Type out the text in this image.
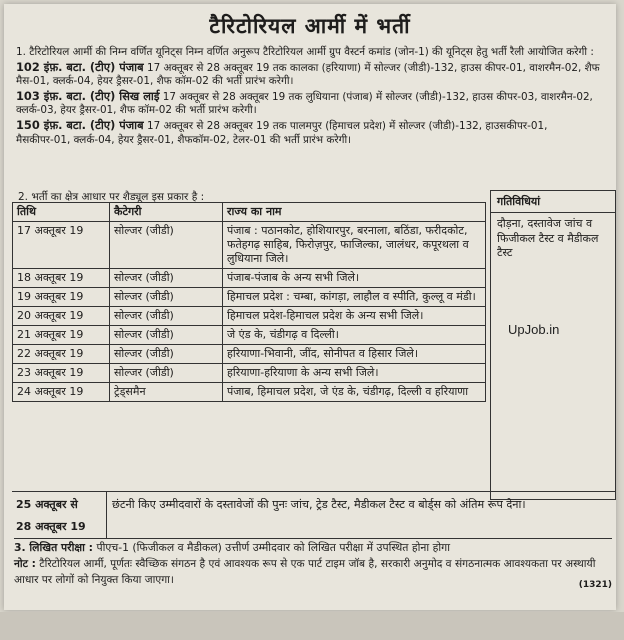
टैरिटोरियल आर्मी में भर्ती
1. टैरिटोरियल आर्मी की निम्न वर्णित यूनिट्स निम्न वर्णित अनुरूप टैरिटोरियल आर्मी ग्रुप वैस्टर्न कमांड (जोन-1) की यूनिट्स हेतु भर्ती रैली आयोजित करेगी :
102 इंफ़. बटा. (टीए) पंजाब 17 अक्तूबर से 28 अक्तूबर 19 तक कालका (हरियाणा) में सोल्जर (जीडी)-132, हाउस कीपर-01, वाशरमैन-02, शैफ मैस-01, क्लर्क-04, हेयर ड्रैसर-01, शैफ कॉम-02 की भर्ती प्रारंभ करेगी।
103 इंफ़. बटा. (टीए) सिख लाई 17 अक्तूबर से 28 अक्तूबर 19 तक लुधियाना (पंजाब) में सोल्जर (जीडी)-132, हाउस कीपर-03, वाशरमैन-02, क्लर्क-03, हेयर ड्रैसर-01, शैफ कॉम-02 की भर्ती प्रारंभ करेगी।
150 इंफ़. बटा. (टीए) पंजाब 17 अक्तूबर से 28 अक्तूबर 19 तक पालमपुर (हिमाचल प्रदेश) में सोल्जर (जीडी)-132, हाउसकीपर-01, मैसकीपर-01, क्लर्क-04, हेयर ड्रैसर-01, शैफकॉम-02, टेलर-01 की भर्ती प्रारंभ करेगी।
2. भर्ती का क्षेत्र आधार पर शैड्यूल इस प्रकार है :
तिथि	कैटेगरी	राज्य का नाम
17 अक्तूबर 19	सोल्जर (जीडी)	पंजाब : पठानकोट, होशियारपुर, बरनाला, बठिंडा, फरीदकोट, फतेहगढ़ साहिब, फिरोज़पुर, फाजिल्का, जालंधर, कपूरथला व लुधियाना जिले।
18 अक्तूबर 19	सोल्जर (जीडी)	पंजाब-पंजाब के अन्य सभी जिले।
19 अक्तूबर 19	सोल्जर (जीडी)	हिमाचल प्रदेश : चम्बा, कांगड़ा, लाहौल व स्पीति, कुल्लू व मंडी।
20 अक्तूबर 19	सोल्जर (जीडी)	हिमाचल प्रदेश-हिमाचल प्रदेश के अन्य सभी जिले।
21 अक्तूबर 19	सोल्जर (जीडी)	जे एंड के, चंडीगढ़ व दिल्ली।
22 अक्तूबर 19	सोल्जर (जीडी)	हरियाणा-भिवानी, जींद, सोनीपत व हिसार जिले।
23 अक्तूबर 19	सोल्जर (जीडी)	हरियाणा-हरियाणा के अन्य सभी जिले।
24 अक्तूबर 19	ट्रेड्समैन	पंजाब, हिमाचल प्रदेश, जे एंड के, चंडीगढ़, दिल्ली व हरियाणा
गतिविधियां
दौड़ना, दस्तावेज जांच व फिजीकल टैस्ट व मैडीकल टैस्ट
UpJob.in
25 अक्तूबर से
28 अक्तूबर 19
छंटनी किए उम्मीदवारों के दस्तावेजों की पुनः जांच, ट्रेड टैस्ट, मैडीकल टैस्ट व बोर्ड्स को अंतिम रूप देना।
3. लिखित परीक्षा : पीएच-1 (फिजीकल व मैडीकल) उत्तीर्ण उम्मीदवार को लिखित परीक्षा में उपस्थित होना होगा
नोट : टैरिटोरियल आर्मी, पूर्णतः स्वैच्छिक संगठन है एवं आवश्यक रूप से एक पार्ट टाइम जॉब है, सरकारी अनुमोद व संगठनात्मक आवश्यकता पर अस्थायी आधार पर लोगों को नियुक्त किया जाएगा।	(1321)
